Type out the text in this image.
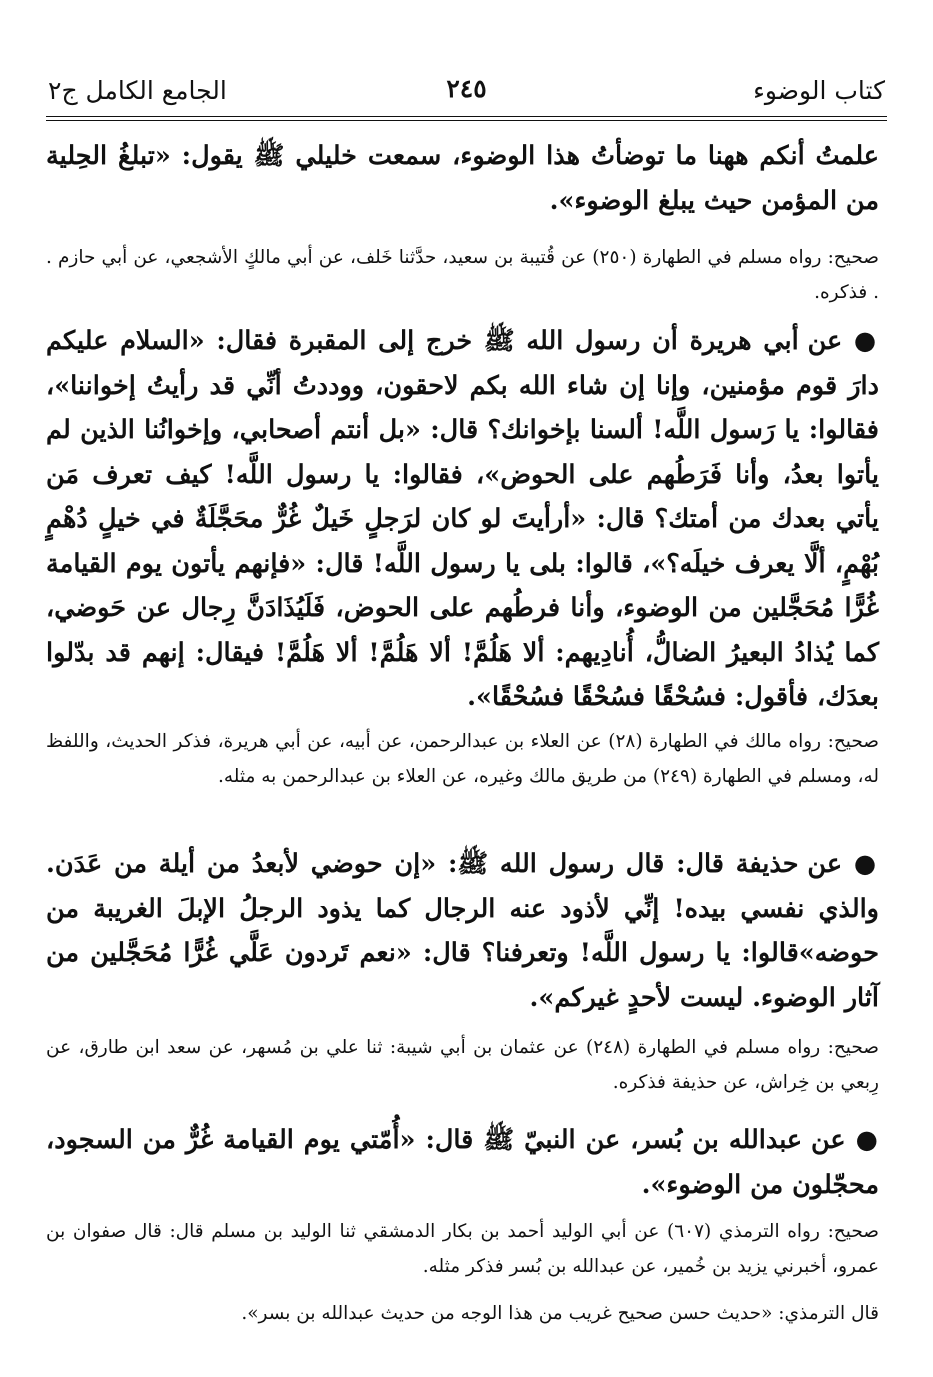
كتاب الوضوء
٢٤٥
الجامع الكامل ج٢
علمتُ أنكم ههنا ما توضأتُ هذا الوضوء، سمعت خليلي ﷺ يقول: «تبلغُ الحِلية من المؤمن حيث يبلغ الوضوء».
صحيح: رواه مسلم في الطهارة (٢٥٠) عن قُتيبة بن سعيد، حدَّثنا خَلف، عن أبي مالكٍ الأشجعي، عن أبي حازم . . فذكره.
● عن أبي هريرة أن رسول الله ﷺ خرج إلى المقبرة فقال: «السلام عليكم دارَ قوم مؤمنين، وإنا إن شاء الله بكم لاحقون، ووددتُ أنِّي قد رأيتُ إخواننا»، فقالوا: يا رَسول اللَّه! ألسنا بإخوانك؟ قال: «بل أنتم أصحابي، وإخوانُنا الذين لم يأتوا بعدُ، وأنا فَرَطُهم على الحوض»، فقالوا: يا رسول اللَّه! كيف تعرف مَن يأتي بعدك من أمتك؟ قال: «أرأيتَ لو كان لرَجلٍ خَيلٌ غُرٌّ محَجَّلَةٌ في خيلٍ دُهْمٍ بُهْمٍ، ألَّا يعرف خيلَه؟»، قالوا: بلى يا رسول اللَّه! قال: «فإنهم يأتون يوم القيامة غُرًّا مُحَجَّلين من الوضوء، وأنا فرطُهم على الحوض، فَلَيُذَادَنَّ رِجال عن حَوضي، كما يُذادُ البعيرُ الضالُّ، أُنادِيهم: ألا هَلُمَّ! ألا هَلُمَّ! ألا هَلُمَّ! فيقال: إنهم قد بدّلوا بعدَك، فأقول: فسُحْقًا فسُحْقًا فسُحْقًا».
صحيح: رواه مالك في الطهارة (٢٨) عن العلاء بن عبدالرحمن، عن أبيه، عن أبي هريرة، فذكر الحديث، واللفظ له، ومسلم في الطهارة (٢٤٩) من طريق مالك وغيره، عن العلاء بن عبدالرحمن به مثله.
● عن حذيفة قال: قال رسول الله ﷺ: «إن حوضي لأبعدُ من أيلة من عَدَن. والذي نفسي بيده! إنِّي لأذود عنه الرجال كما يذود الرجلُ الإبلَ الغريبة من حوضه»قالوا: يا رسول اللَّه! وتعرفنا؟ قال: «نعم تَردون عَلَّي غُرًّا مُحَجَّلين من آثار الوضوء. ليست لأحدٍ غيركم».
صحيح: رواه مسلم في الطهارة (٢٤٨) عن عثمان بن أبي شيبة: ثنا علي بن مُسهر، عن سعد ابن طارق، عن رِبعي بن خِراش، عن حذيفة فذكره.
● عن عبدالله بن بُسر، عن النبيّ ﷺ قال: «أُمّتي يوم القيامة غُرٌّ من السجود، محجّلون من الوضوء».
صحيح: رواه الترمذي (٦٠٧) عن أبي الوليد أحمد بن بكار الدمشقي ثنا الوليد بن مسلم قال: قال صفوان بن عمرو، أخبرني يزيد بن خُمير، عن عبدالله بن بُسر فذكر مثله.
قال الترمذي: «حديث حسن صحيح غريب من هذا الوجه من حديث عبدالله بن بسر».
